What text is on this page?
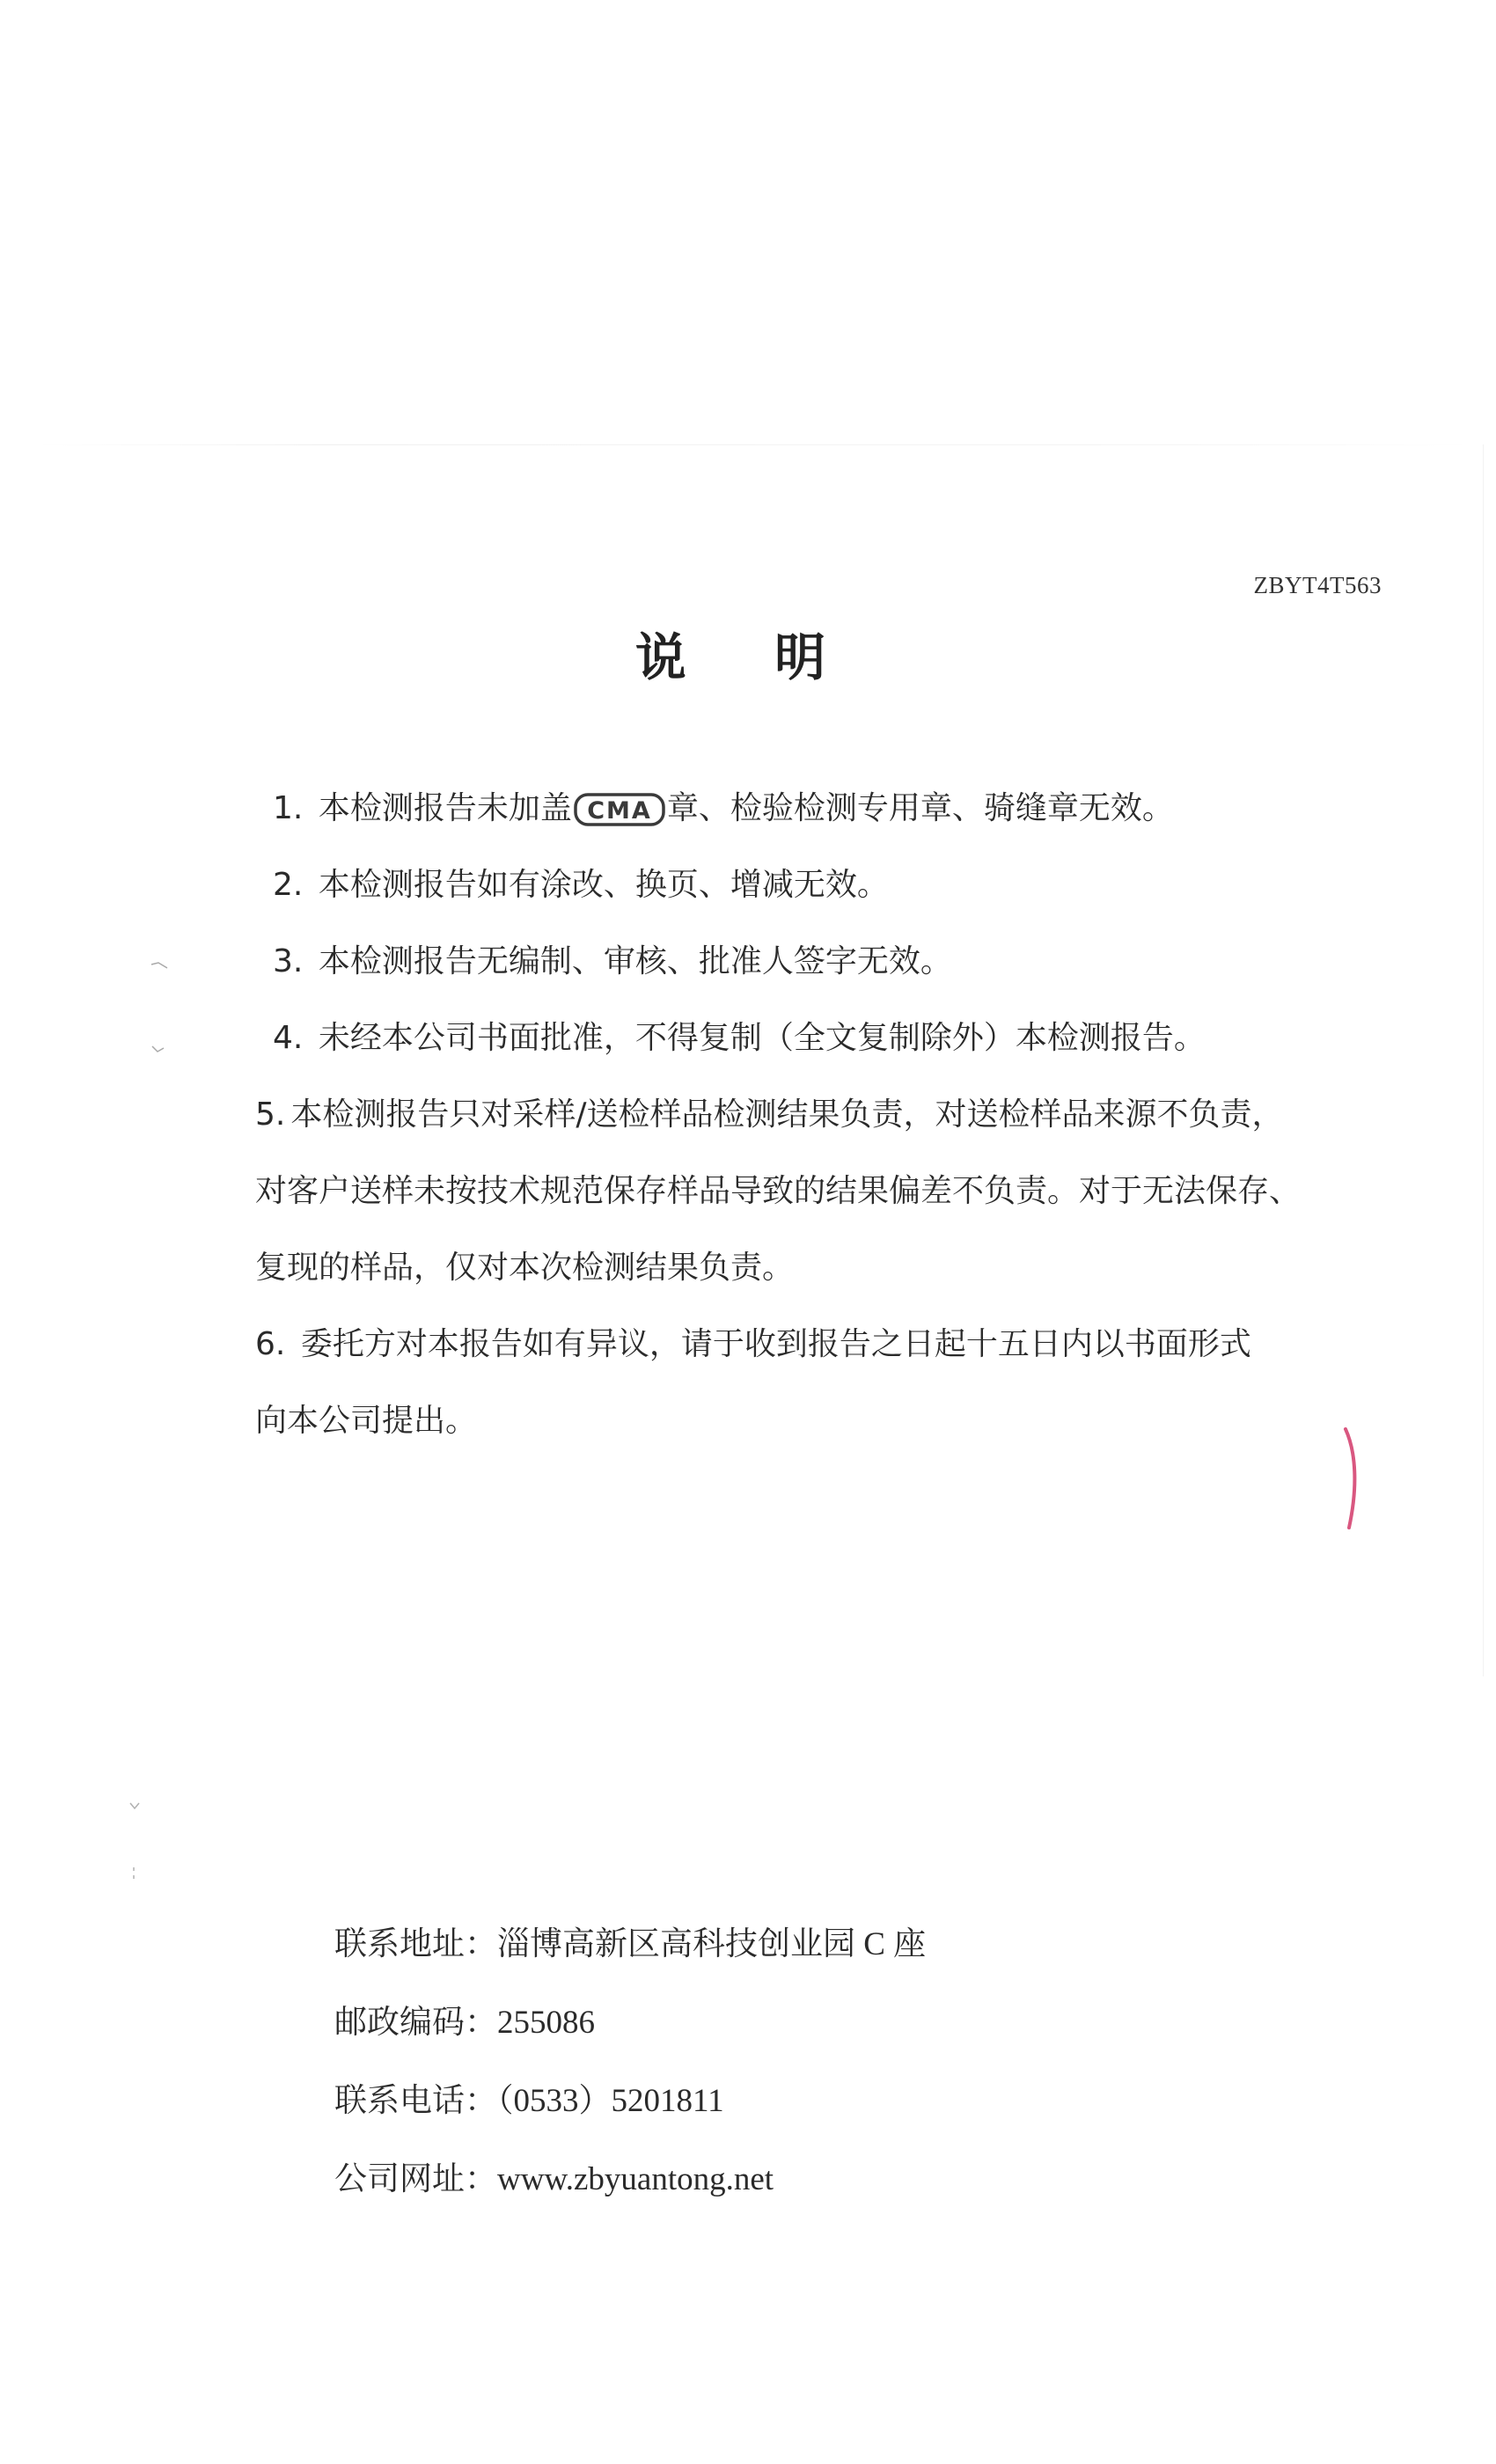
ZBYT4T563
说 明
1. 本检测报告未加盖 CMA 章、检验检测专用章、骑缝章无效。
2. 本检测报告如有涂改、换页、增减无效。
3. 本检测报告无编制、审核、批准人签字无效。
4. 未经本公司书面批准，不得复制（全文复制除外）本检测报告。
5. 本检测报告只对采样/送检样品检测结果负责，对送检样品来源不负责，
对客户送样未按技术规范保存样品导致的结果偏差不负责。对于无法保存、
复现的样品，仅对本次检测结果负责。
6. 委托方对本报告如有异议，请于收到报告之日起十五日内以书面形式
向本公司提出。
联系地址：淄博高新区高科技创业园 C 座
邮政编码：255086
联系电话：（0533）5201811
公司网址：www.zbyuantong.net
